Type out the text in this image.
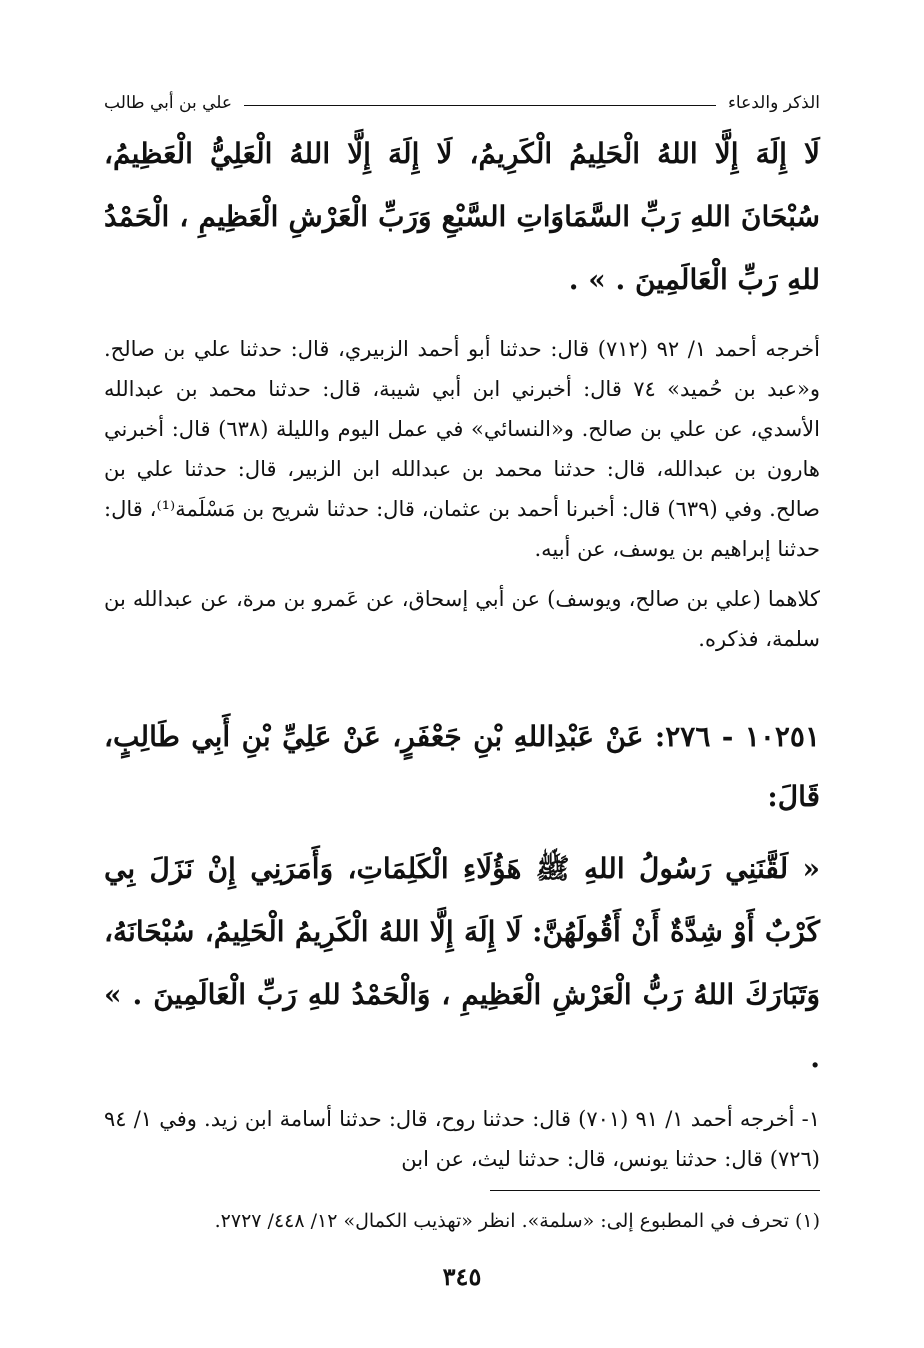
الذكر والدعاء
علي بن أبي طالب

لَا إِلَهَ إِلَّا اللهُ الْحَلِيمُ الْكَرِيمُ، لَا إِلَهَ إِلَّا اللهُ الْعَلِيُّ الْعَظِيمُ، سُبْحَانَ اللهِ رَبِّ السَّمَاوَاتِ السَّبْعِ وَرَبِّ الْعَرْشِ الْعَظِيمِ ، الْحَمْدُ للهِ رَبِّ الْعَالَمِينَ . » .

أخرجه أحمد ١/ ٩٢ (٧١٢) قال: حدثنا أبو أحمد الزبيري، قال: حدثنا علي بن صالح. و«عبد بن حُميد» ٧٤ قال: أخبرني ابن أبي شيبة، قال: حدثنا محمد بن عبدالله الأسدي، عن علي بن صالح. و«النسائي» في عمل اليوم والليلة (٦٣٨) قال: أخبرني هارون بن عبدالله، قال: حدثنا محمد بن عبدالله ابن الزبير، قال: حدثنا علي بن صالح. وفي (٦٣٩) قال: أخبرنا أحمد بن عثمان، قال: حدثنا شريح بن مَسْلَمة⁽¹⁾، قال: حدثنا إبراهيم بن يوسف، عن أبيه.

كلاهما (علي بن صالح، ويوسف) عن أبي إسحاق، عن عَمرو بن مرة، عن عبدالله بن سلمة، فذكره.

١٠٢٥١ - ٢٧٦: عَنْ عَبْدِاللهِ بْنِ جَعْفَرٍ، عَنْ عَلِيِّ بْنِ أَبِي طَالِبٍ، قَالَ:

« لَقَّنَنِي رَسُولُ اللهِ ﷺ هَؤُلَاءِ الْكَلِمَاتِ، وَأَمَرَنِي إِنْ نَزَلَ بِي كَرْبٌ أَوْ شِدَّةٌ أَنْ أَقُولَهُنَّ: لَا إِلَهَ إِلَّا اللهُ الْكَرِيمُ الْحَلِيمُ، سُبْحَانَهُ، وَتَبَارَكَ اللهُ رَبُّ الْعَرْشِ الْعَظِيمِ ، وَالْحَمْدُ للهِ رَبِّ الْعَالَمِينَ . » .

١- أخرجه أحمد ١/ ٩١ (٧٠١) قال: حدثنا روح، قال: حدثنا أسامة ابن زيد. وفي ١/ ٩٤ (٧٢٦) قال: حدثنا يونس، قال: حدثنا ليث، عن ابن

(١) تحرف في المطبوع إلى: «سلمة». انظر «تهذيب الكمال» ١٢/ ٤٤٨/ ٢٧٢٧.

٣٤٥
